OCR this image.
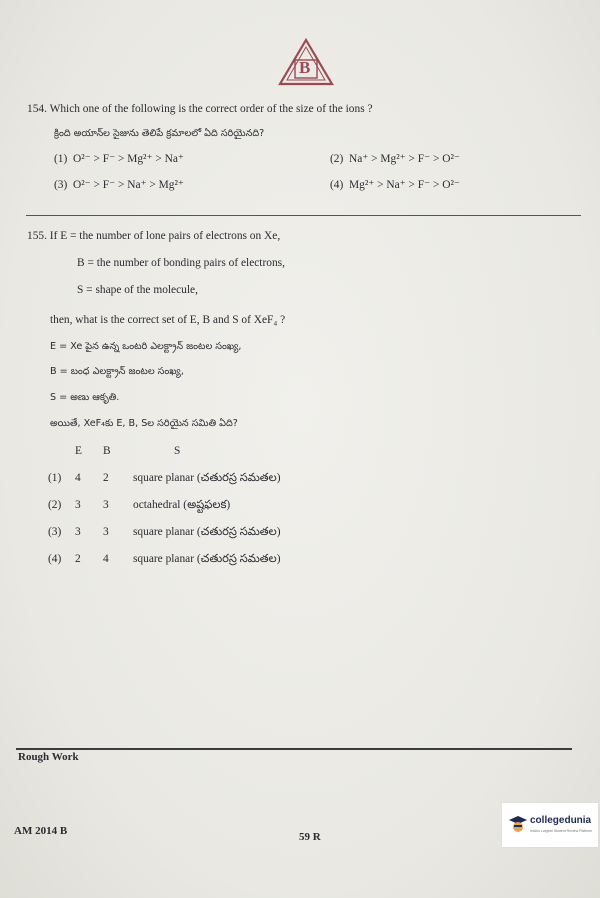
B
154. Which one of the following is the correct order of the size of the ions ?
క్రింది అయాన్‌ల సైజును తెలిపే క్రమాలలో ఏది సరియైనది?
(1) O²⁻ > F⁻ > Mg²⁺ > Na⁺	(2) Na⁺ > Mg²⁺ > F⁻ > O²⁻
(3) O²⁻ > F⁻ > Na⁺ > Mg²⁺	(4) Mg²⁺ > Na⁺ > F⁻ > O²⁻
155. If E = the number of lone pairs of electrons on Xe,
B = the number of bonding pairs of electrons,
S = shape of the molecule,
then, what is the correct set of E, B and S of XeF₄ ?
E = Xe పైన ఉన్న ఒంటరి ఎలక్ట్రాన్ జంటల సంఖ్య,
B = బంధ ఎలక్ట్రాన్ జంటల సంఖ్య,
S = అణు ఆకృతి.
అయితే, XeF₄కు E, B, Sల సరియైన సమితి ఏది?
E B	S
(1) 4 2 square planar (చతురస్ర సమతల)
(2) 3 3 octahedral (అష్టఫలక)
(3) 3 3 square planar (చతురస్ర సమతల)
(4) 2 4 square planar (చతురస్ర సమతల)
Rough Work
AM 2014 B	59 R
collegedunia
India's Largest Student Review Platform
